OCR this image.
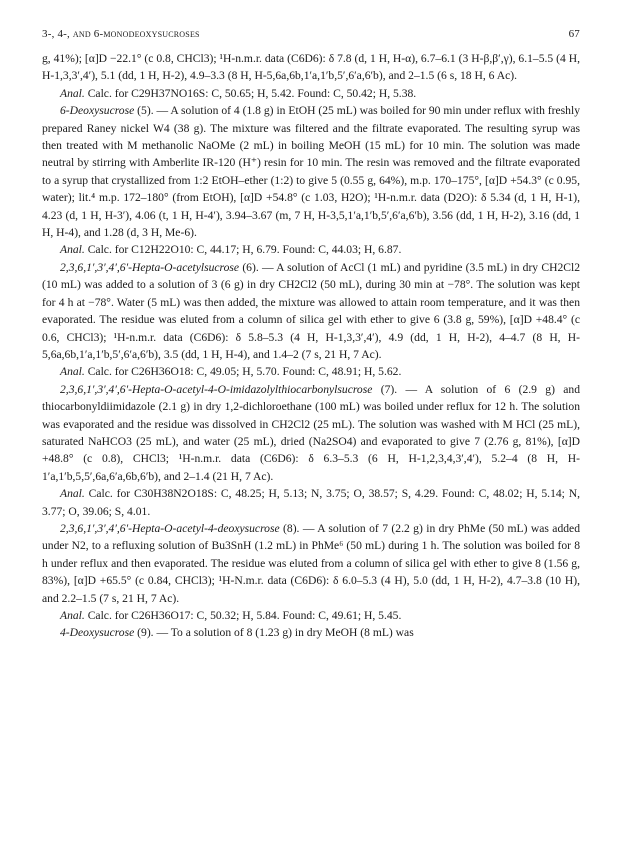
3-, 4-, and 6-monodeoxysucroses	67

g, 41%); [α]D −22.1° (c 0.8, CHCl3); ¹H-n.m.r. data (C6D6): δ 7.8 (d, 1 H, H-α), 6.7–6.1 (3 H-β,β′,γ), 6.1–5.5 (4 H, H-1,3,3′,4′), 5.1 (dd, 1 H, H-2), 4.9–3.3 (8 H, H-5,6a,6b,1′a,1′b,5′,6′a,6′b), and 2–1.5 (6 s, 18 H, 6 Ac).

Anal. Calc. for C29H37NO16S: C, 50.65; H, 5.42. Found: C, 50.42; H, 5.38.

6-Deoxysucrose (5). — A solution of 4 (1.8 g) in EtOH (25 mL) was boiled for 90 min under reflux with freshly prepared Raney nickel W4 (38 g). The mixture was filtered and the filtrate evaporated. The resulting syrup was then treated with M methanolic NaOMe (2 mL) in boiling MeOH (15 mL) for 10 min. The solution was made neutral by stirring with Amberlite IR-120 (H⁺) resin for 10 min. The resin was removed and the filtrate evaporated to a syrup that crystallized from 1:2 EtOH–ether (1:2) to give 5 (0.55 g, 64%), m.p. 170–175°, [α]D +54.3° (c 0.95, water); lit.⁴ m.p. 172–180° (from EtOH), [α]D +54.8° (c 1.03, H2O); ¹H-n.m.r. data (D2O): δ 5.34 (d, 1 H, H-1), 4.23 (d, 1 H, H-3′), 4.06 (t, 1 H, H-4′), 3.94–3.67 (m, 7 H, H-3,5,1′a,1′b,5′,6′a,6′b), 3.56 (dd, 1 H, H-2), 3.16 (dd, 1 H, H-4), and 1.28 (d, 3 H, Me-6).

Anal. Calc. for C12H22O10: C, 44.17; H, 6.79. Found: C, 44.03; H, 6.87.

2,3,6,1′,3′,4′,6′-Hepta-O-acetylsucrose (6). — A solution of AcCl (1 mL) and pyridine (3.5 mL) in dry CH2Cl2 (10 mL) was added to a solution of 3 (6 g) in dry CH2Cl2 (50 mL), during 30 min at −78°. The solution was kept for 4 h at −78°. Water (5 mL) was then added, the mixture was allowed to attain room temperature, and it was then evaporated. The residue was eluted from a column of silica gel with ether to give 6 (3.8 g, 59%), [α]D +48.4° (c 0.6, CHCl3); ¹H-n.m.r. data (C6D6): δ 5.8–5.3 (4 H, H-1,3,3′,4′), 4.9 (dd, 1 H, H-2), 4–4.7 (8 H, H-5,6a,6b,1′a,1′b,5′,6′a,6′b), 3.5 (dd, 1 H, H-4), and 1.4–2 (7 s, 21 H, 7 Ac).

Anal. Calc. for C26H36O18: C, 49.05; H, 5.70. Found: C, 48.91; H, 5.62.

2,3,6,1′,3′,4′,6′-Hepta-O-acetyl-4-O-imidazolylthiocarbonylsucrose (7). — A solution of 6 (2.9 g) and thiocarbonyldiimidazole (2.1 g) in dry 1,2-dichloroethane (100 mL) was boiled under reflux for 12 h. The solution was evaporated and the residue was dissolved in CH2Cl2 (25 mL). The solution was washed with M HCl (25 mL), saturated NaHCO3 (25 mL), and water (25 mL), dried (Na2SO4) and evaporated to give 7 (2.76 g, 81%), [α]D +48.8° (c 0.8), CHCl3; ¹H-n.m.r. data (C6D6): δ 6.3–5.3 (6 H, H-1,2,3,4,3′,4′), 5.2–4 (8 H, H-1′a,1′b,5,5′,6a,6′a,6b,6′b), and 2–1.4 (21 H, 7 Ac).

Anal. Calc. for C30H38N2O18S: C, 48.25; H, 5.13; N, 3.75; O, 38.57; S, 4.29. Found: C, 48.02; H, 5.14; N, 3.77; O, 39.06; S, 4.01.

2,3,6,1′,3′,4′,6′-Hepta-O-acetyl-4-deoxysucrose (8). — A solution of 7 (2.2 g) in dry PhMe (50 mL) was added under N2, to a refluxing solution of Bu3SnH (1.2 mL) in PhMe⁶ (50 mL) during 1 h. The solution was boiled for 8 h under reflux and then evaporated. The residue was eluted from a column of silica gel with ether to give 8 (1.56 g, 83%), [α]D +65.5° (c 0.84, CHCl3); ¹H-N.m.r. data (C6D6): δ 6.0–5.3 (4 H), 5.0 (dd, 1 H, H-2), 4.7–3.8 (10 H), and 2.2–1.5 (7 s, 21 H, 7 Ac).

Anal. Calc. for C26H36O17: C, 50.32; H, 5.84. Found: C, 49.61; H, 5.45.

4-Deoxysucrose (9). — To a solution of 8 (1.23 g) in dry MeOH (8 mL) was
